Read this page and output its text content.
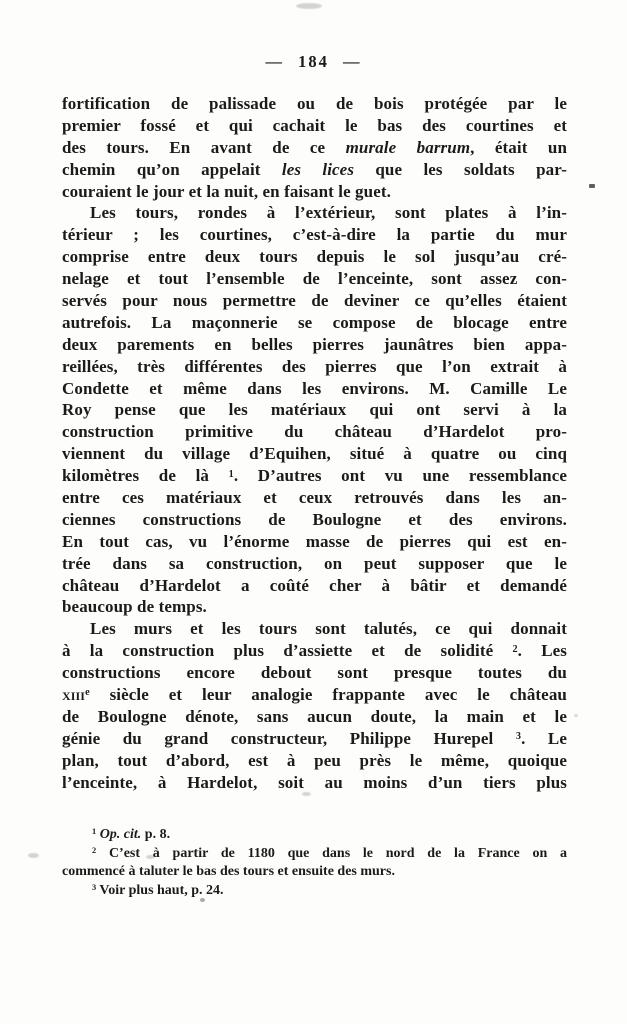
— 184 —
fortification de palissade ou de bois protégée par le
premier fossé et qui cachait le bas des courtines et
des tours. En avant de ce murale barrum, était un
chemin qu’on appelait les lices que les soldats par-
couraient le jour et la nuit, en faisant le guet.
Les tours, rondes à l’extérieur, sont plates à l’in-
térieur ; les courtines, c’est-à-dire la partie du mur
comprise entre deux tours depuis le sol jusqu’au cré-
nelage et tout l’ensemble de l’enceinte, sont assez con-
servés pour nous permettre de deviner ce qu’elles étaient
autrefois. La maçonnerie se compose de blocage entre
deux parements en belles pierres jaunâtres bien appa-
reillées, très différentes des pierres que l’on extrait à
Condette et même dans les environs. M. Camille Le
Roy pense que les matériaux qui ont servi à la
construction primitive du château d’Hardelot pro-
viennent du village d’Equihen, situé à quatre ou cinq
kilomètres de là $^1$. D’autres ont vu une ressemblance
entre ces matériaux et ceux retrouvés dans les an-
ciennes constructions de Boulogne et des environs.
En tout cas, vu l’énorme masse de pierres qui est en-
trée dans sa construction, on peut supposer que le
château d’Hardelot a coûté cher à bâtir et demandé
beaucoup de temps.
Les murs et les tours sont talutés, ce qui donnait
à la construction plus d’assiette et de solidité $^2$. Les
constructions encore debout sont presque toutes du
xiii$^e$ siècle et leur analogie frappante avec le château
de Boulogne dénote, sans aucun doute, la main et le
génie du grand constructeur, Philippe Hurepel $^3$. Le
plan, tout d’abord, est à peu près le même, quoique
l’enceinte, à Hardelot, soit au moins d’un tiers plus
$^1$ Op. cit. p. 8.
$^2$ C’est à partir de 1180 que dans le nord de la France on a
commencé à taluter le bas des tours et ensuite des murs.
$^3$ Voir plus haut, p. 24.
